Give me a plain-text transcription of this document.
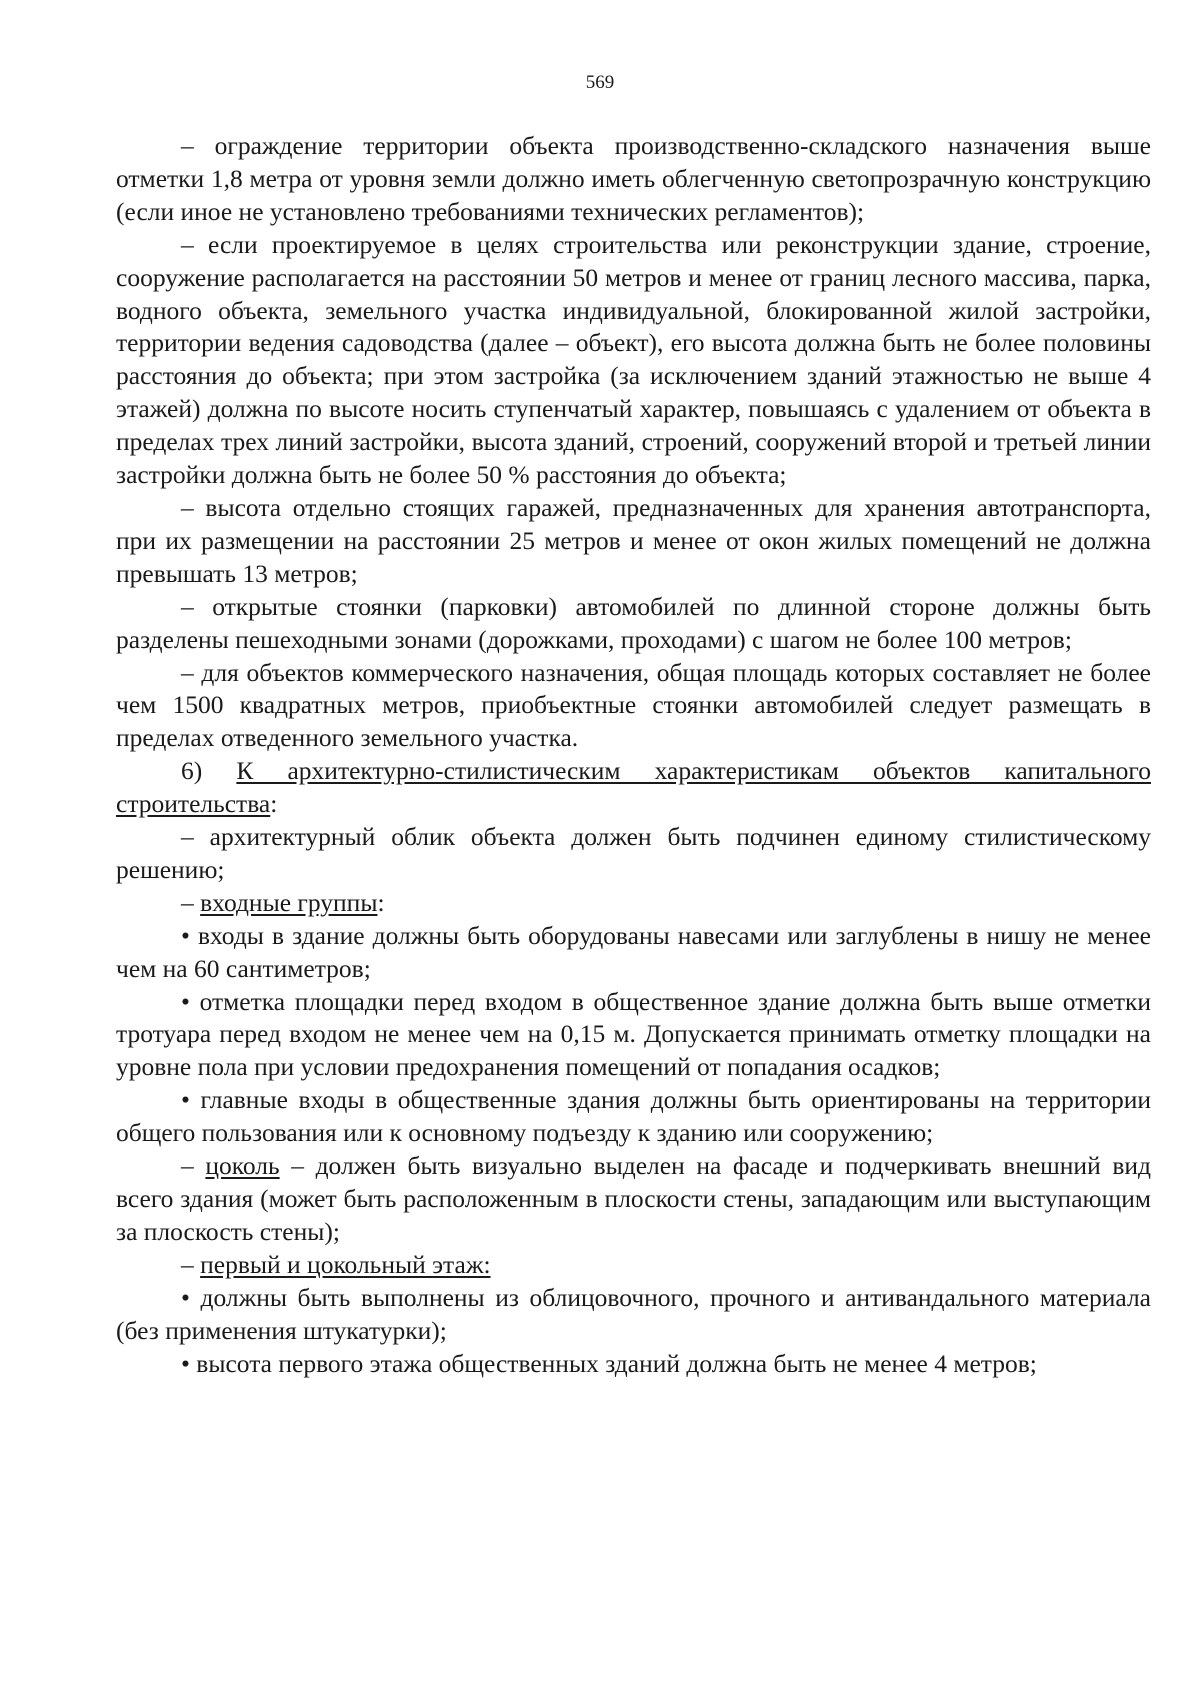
569

– ограждение территории объекта производственно-складского назначения выше отметки 1,8 метра от уровня земли должно иметь облегченную светопрозрачную конструкцию (если иное не установлено требованиями технических регламентов);

– если проектируемое в целях строительства или реконструкции здание, строение, сооружение располагается на расстоянии 50 метров и менее от границ лесного массива, парка, водного объекта, земельного участка индивидуальной, блокированной жилой застройки, территории ведения садоводства (далее – объект), его высота должна быть не более половины расстояния до объекта; при этом застройка (за исключением зданий этажностью не выше 4 этажей) должна по высоте носить ступенчатый характер, повышаясь с удалением от объекта в пределах трех линий застройки, высота зданий, строений, сооружений второй и третьей линии застройки должна быть не более 50 % расстояния до объекта;

– высота отдельно стоящих гаражей, предназначенных для хранения автотранспорта, при их размещении на расстоянии 25 метров и менее от окон жилых помещений не должна превышать 13 метров;

– открытые стоянки (парковки) автомобилей по длинной стороне должны быть разделены пешеходными зонами (дорожками, проходами) с шагом не более 100 метров;

– для объектов коммерческого назначения, общая площадь которых составляет не более чем 1500 квадратных метров, приобъектные стоянки автомобилей следует размещать в пределах отведенного земельного участка.

6) К архитектурно-стилистическим характеристикам объектов капитального строительства:

– архитектурный облик объекта должен быть подчинен единому стилистическому решению;

– входные группы:

• входы в здание должны быть оборудованы навесами или заглублены в нишу не менее чем на 60 сантиметров;

• отметка площадки перед входом в общественное здание должна быть выше отметки тротуара перед входом не менее чем на 0,15 м. Допускается принимать отметку площадки на уровне пола при условии предохранения помещений от попадания осадков;

• главные входы в общественные здания должны быть ориентированы на территории общего пользования или к основному подъезду к зданию или сооружению;

– цоколь – должен быть визуально выделен на фасаде и подчеркивать внешний вид всего здания (может быть расположенным в плоскости стены, западающим или выступающим за плоскость стены);

– первый и цокольный этаж:

• должны быть выполнены из облицовочного, прочного и антивандального материала (без применения штукатурки);

• высота первого этажа общественных зданий должна быть не менее 4 метров;
